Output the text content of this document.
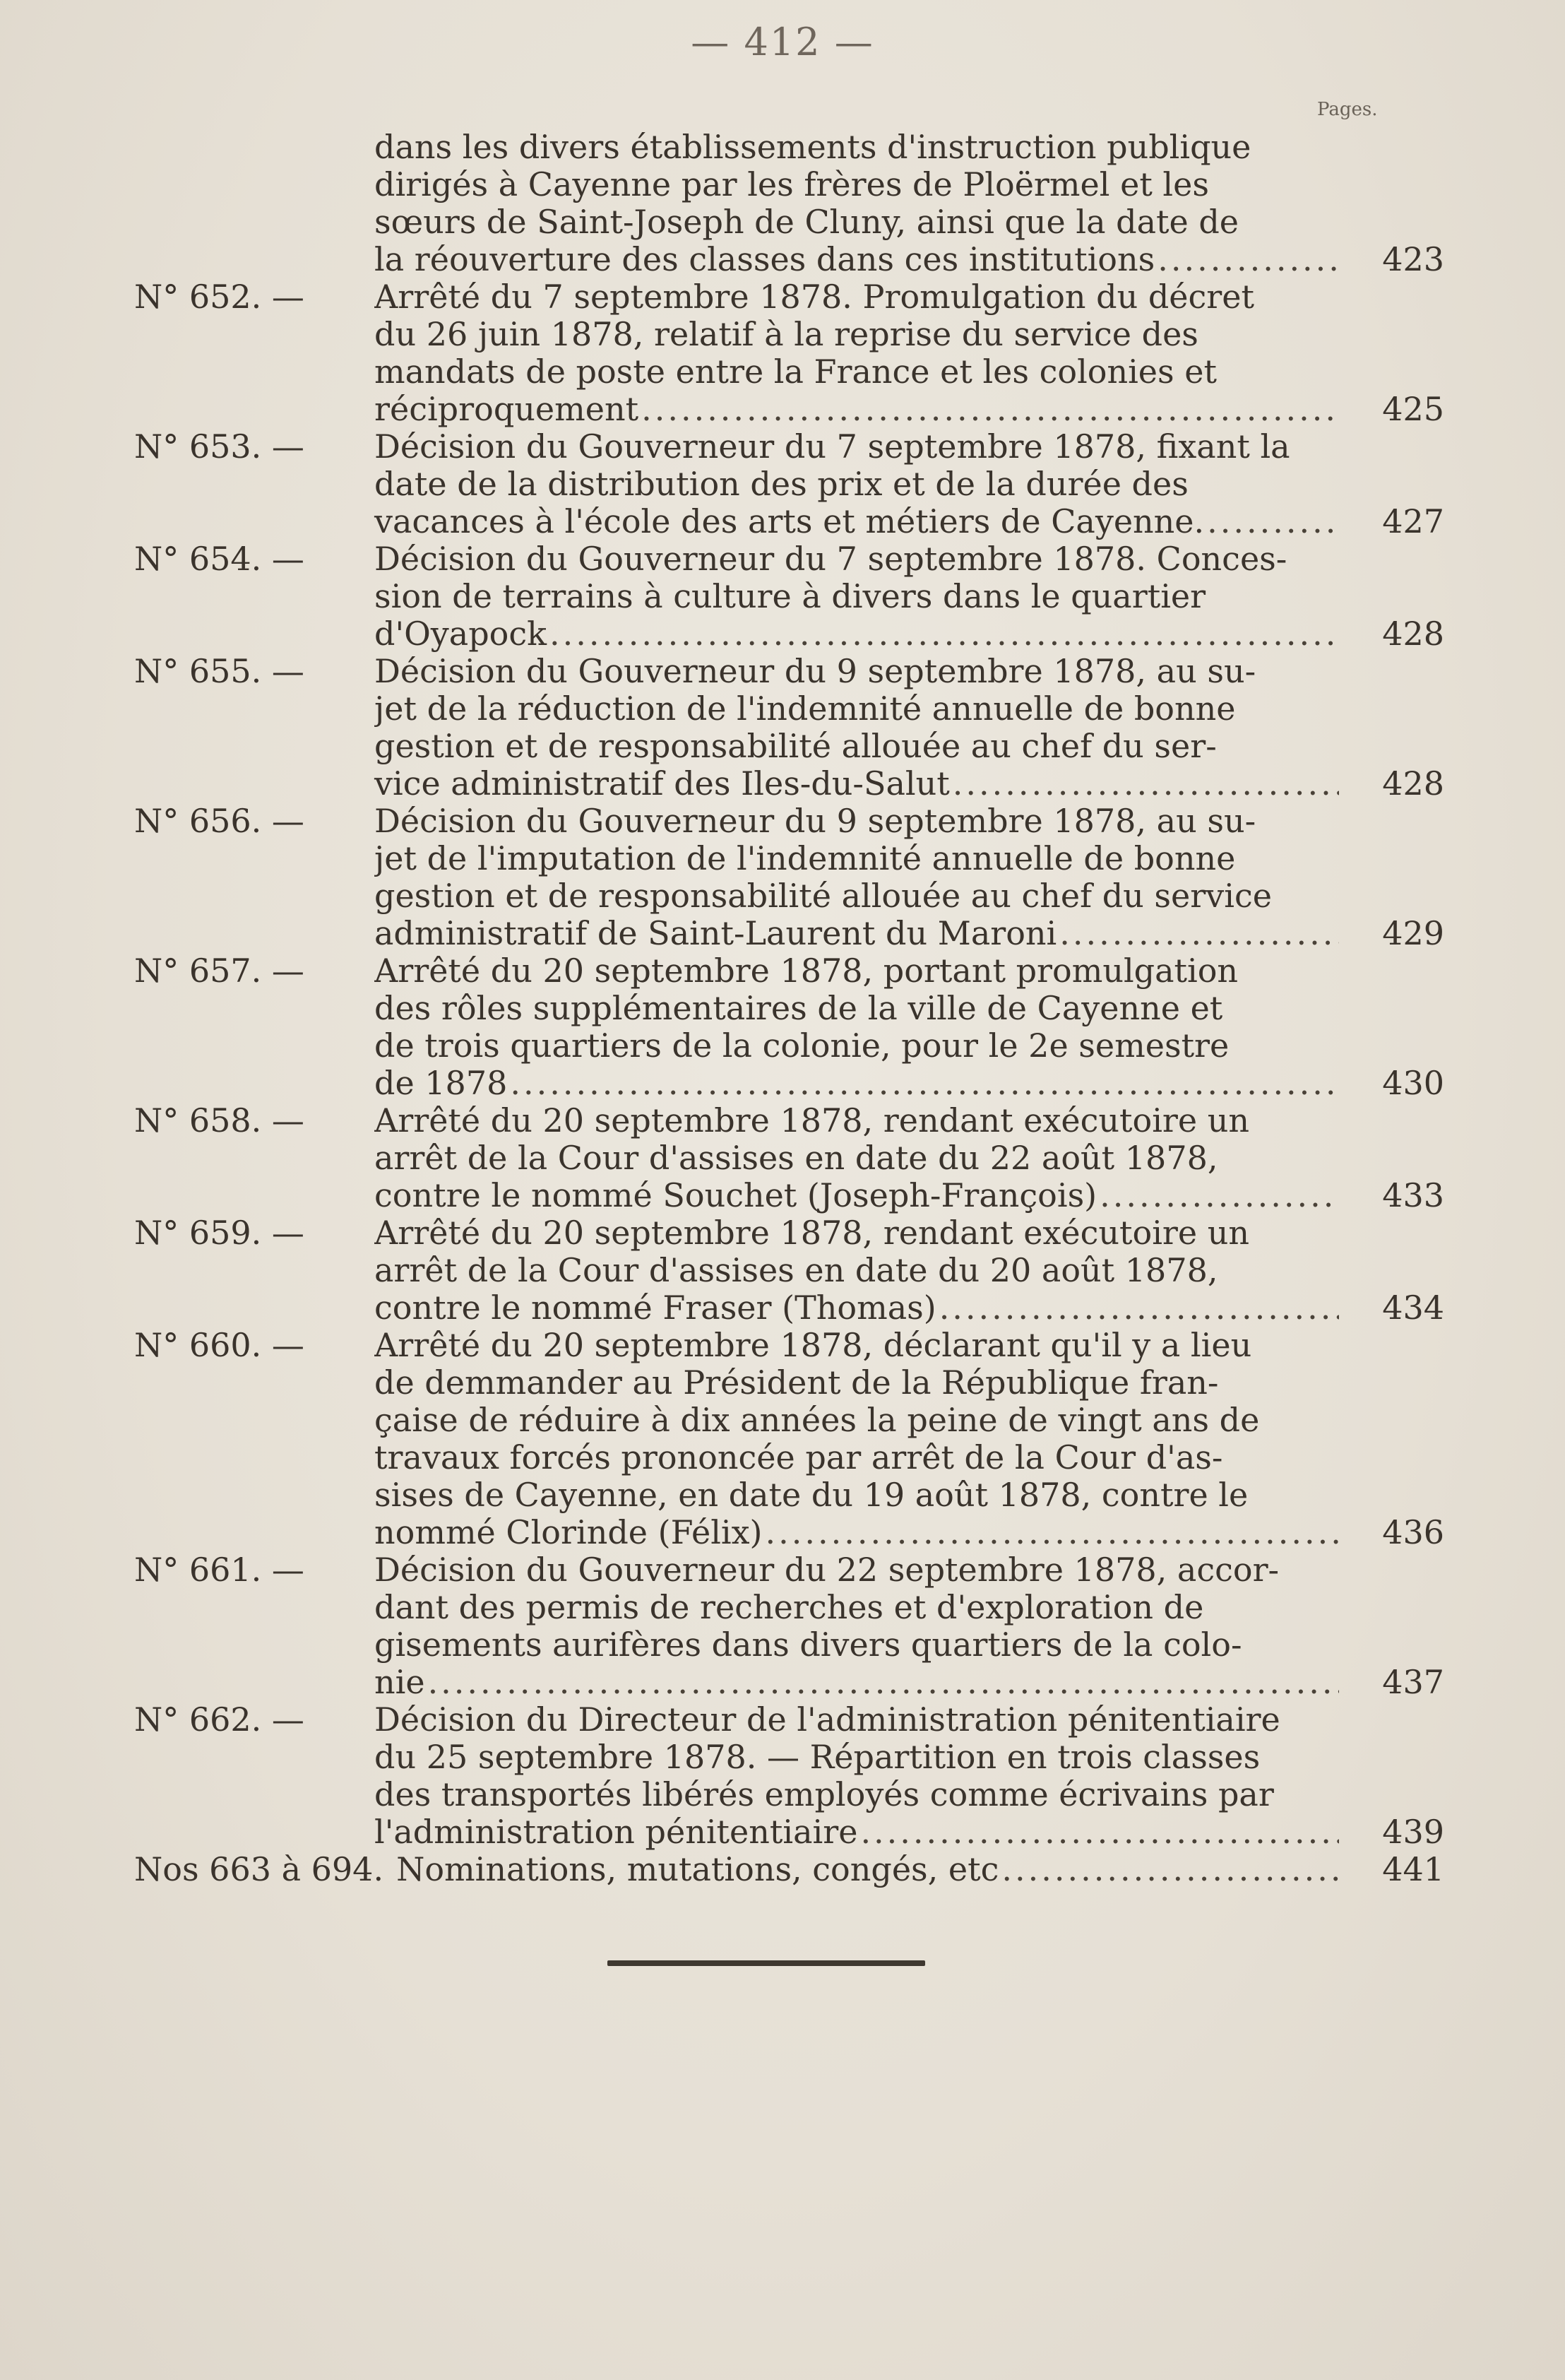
— 412 —
Pages.
dans les divers établissements d'instruction publique
dirigés à Cayenne par les frères de Ploërmel et les
sœurs de Saint-Joseph de Cluny, ainsi que la date de
la réouverture des classes dans ces institutions .....	423
N° 652. —	Arrêté du 7 septembre 1878. Promulgation du décret
du 26 juin 1878, relatif à la reprise du service des
mandats de poste entre la France et les colonies et
réciproquement .....	425
N° 653. —	Décision du Gouverneur du 7 septembre 1878, fixant la
date de la distribution des prix et de la durée des
vacances à l'école des arts et métiers de Cayenne. .....	427
N° 654. —	Décision du Gouverneur du 7 septembre 1878. Conces-
sion de terrains à culture à divers dans le quartier
d'Oyapock .....	428
N° 655. —	Décision du Gouverneur du 9 septembre 1878, au su-
jet de la réduction de l'indemnité annuelle de bonne
gestion et de responsabilité allouée au chef du ser-
vice administratif des Iles-du-Salut .....	428
N° 656. —	Décision du Gouverneur du 9 septembre 1878, au su-
jet de l'imputation de l'indemnité annuelle de bonne
gestion et de responsabilité allouée au chef du service
administratif de Saint-Laurent du Maroni .....	429
N° 657. —	Arrêté du 20 septembre 1878, portant promulgation
des rôles supplémentaires de la ville de Cayenne et
de trois quartiers de la colonie, pour le 2e semestre
de 1878 .....	430
N° 658. —	Arrêté du 20 septembre 1878, rendant exécutoire un
arrêt de la Cour d'assises en date du 22 août 1878,
contre le nommé Souchet (Joseph-François) .....	433
N° 659. —	Arrêté du 20 septembre 1878, rendant exécutoire un
arrêt de la Cour d'assises en date du 20 août 1878,
contre le nommé Fraser (Thomas) .....	434
N° 660. —	Arrêté du 20 septembre 1878, déclarant qu'il y a lieu
de demmander au Président de la République fran-
çaise de réduire à dix années la peine de vingt ans de
travaux forcés prononcée par arrêt de la Cour d'as-
sises de Cayenne, en date du 19 août 1878, contre le
nommé Clorinde (Félix) .....	436
N° 661. —	Décision du Gouverneur du 22 septembre 1878, accor-
dant des permis de recherches et d'exploration de
gisements aurifères dans divers quartiers de la colo-
nie .....	437
N° 662. —	Décision du Directeur de l'administration pénitentiaire
du 25 septembre 1878. — Répartition en trois classes
des transportés libérés employés comme écrivains par
l'administration pénitentiaire .....	439
Nos 663 à 694. Nominations, mutations, congés, etc .....	441
